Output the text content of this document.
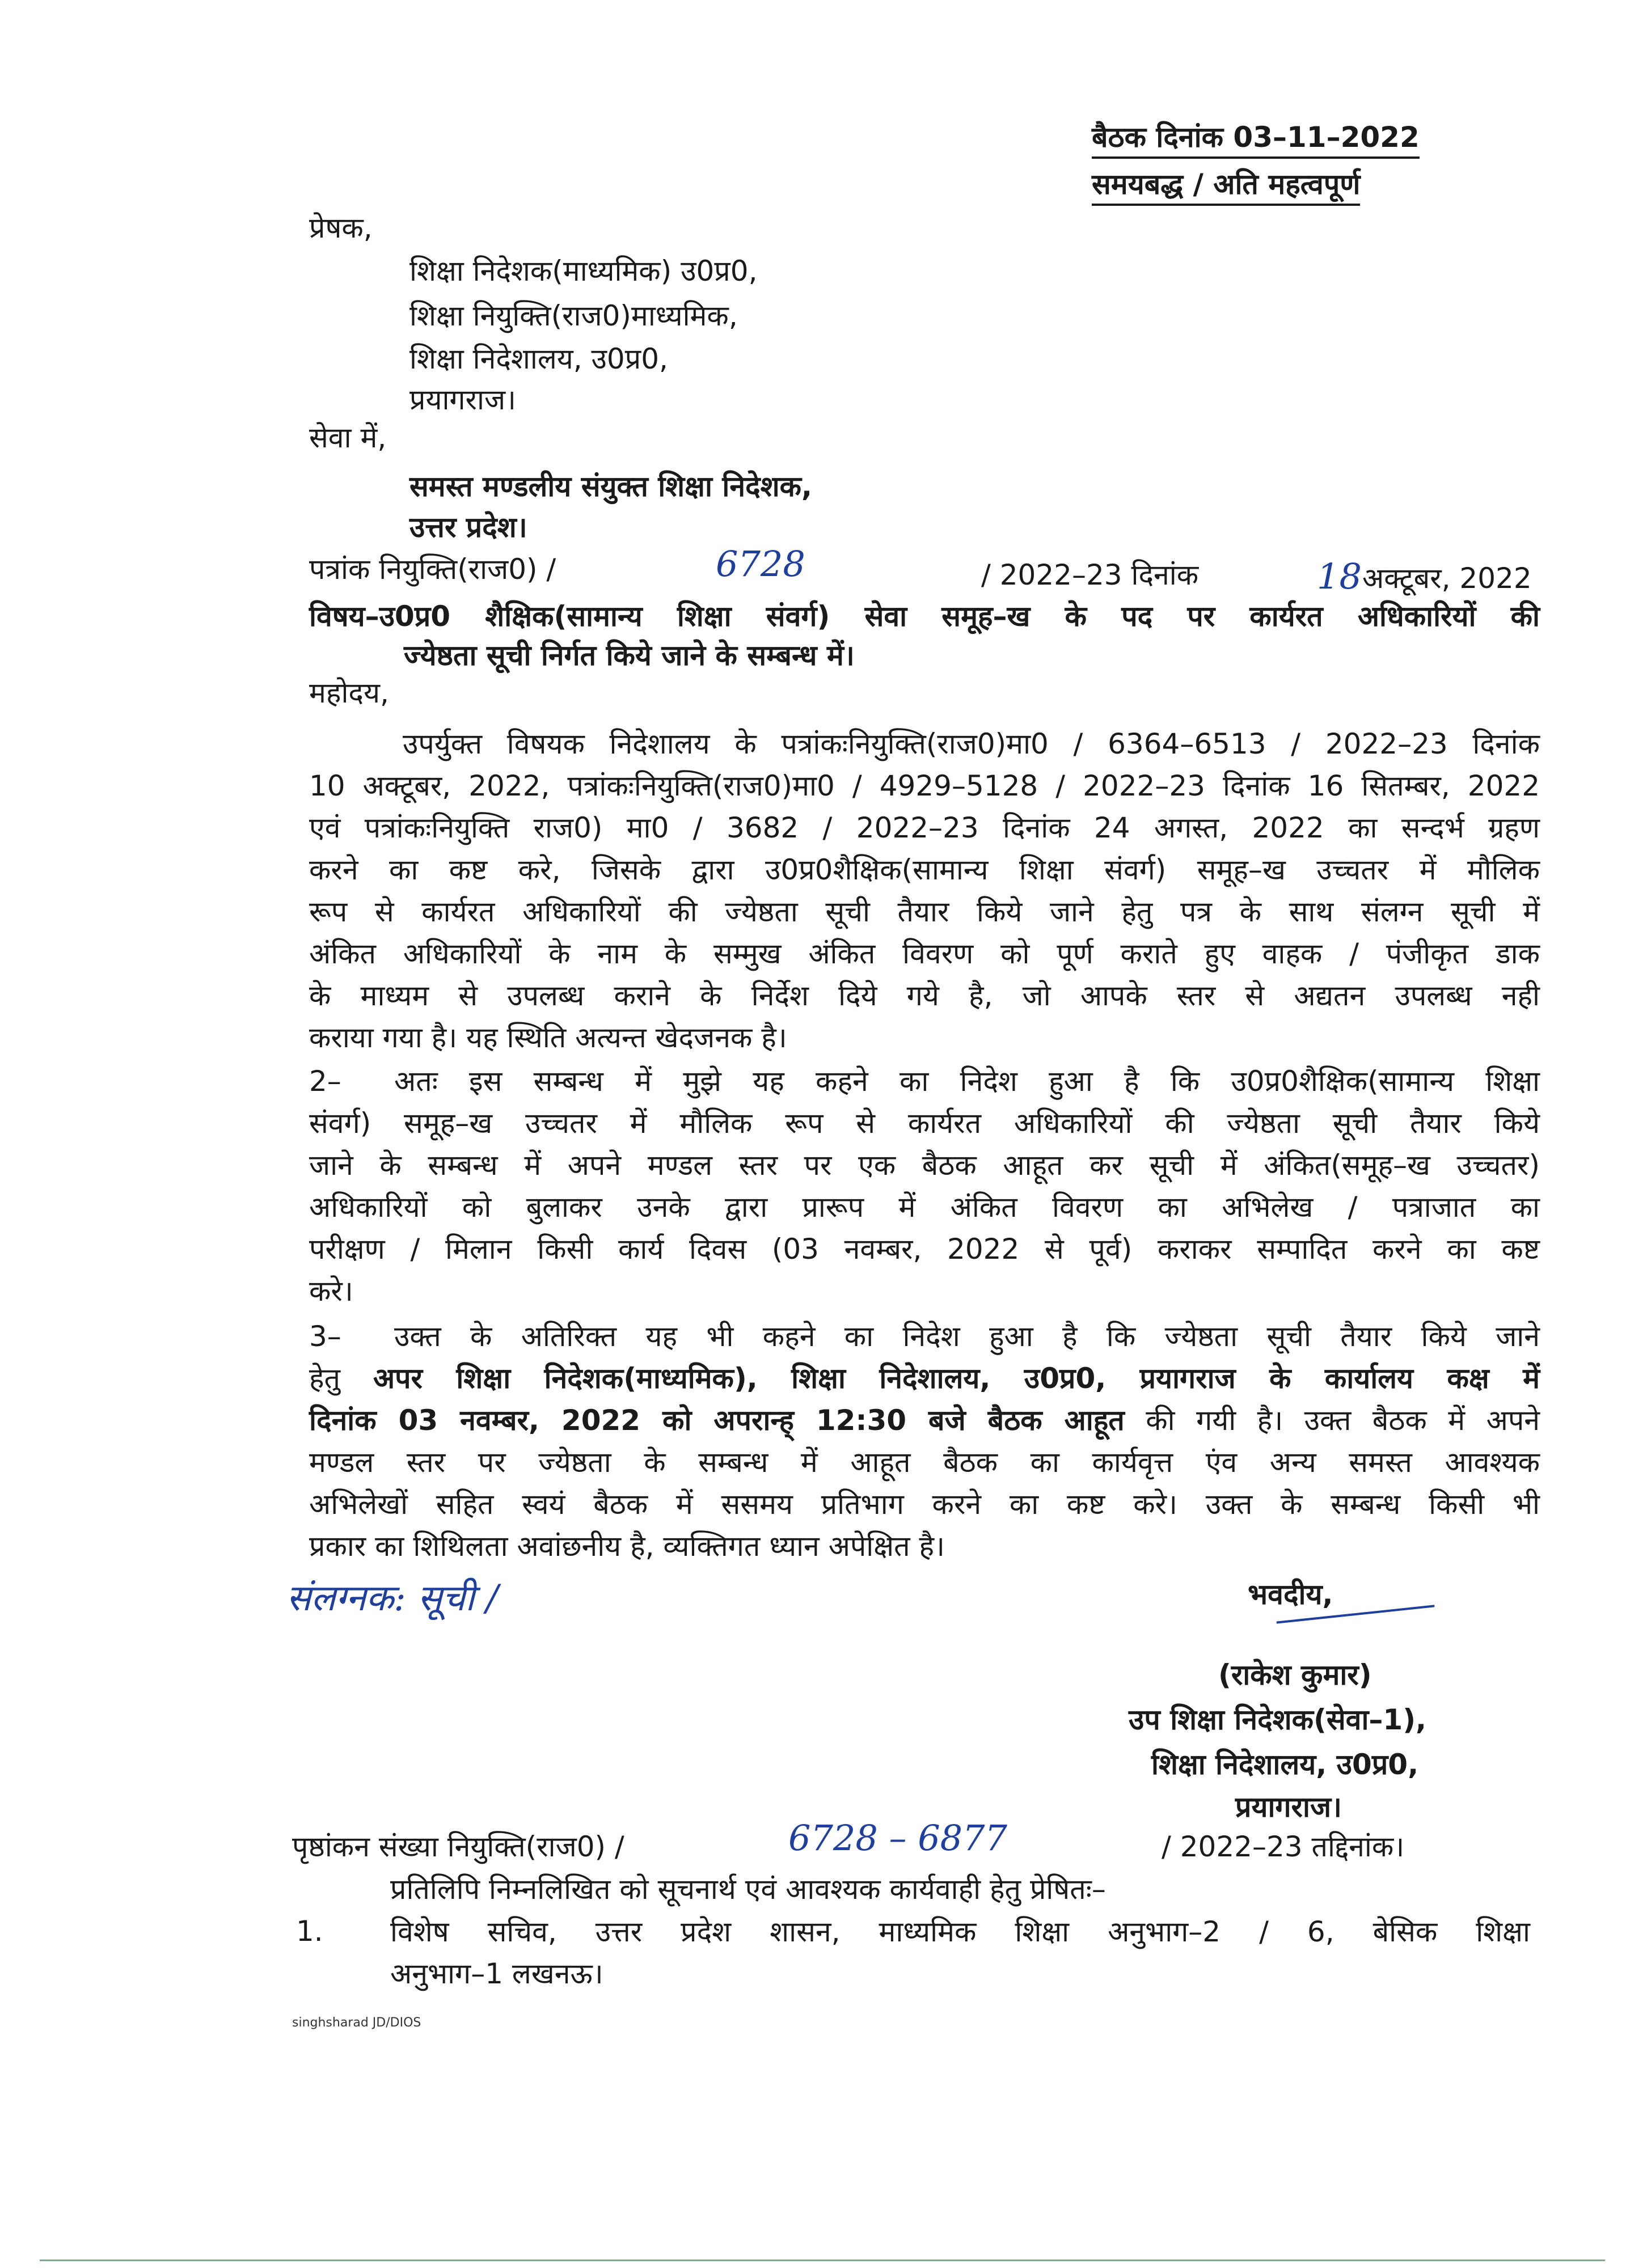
बैठक दिनांक 03–11–2022
समयबद्ध / अति महत्वपूर्ण
प्रेषक,
शिक्षा निदेशक(माध्यमिक) उ0प्र0,
शिक्षा नियुक्ति(राज0)माध्यमिक,
शिक्षा निदेशालय, उ0प्र0,
प्रयागराज।
सेवा में,
समस्त मण्डलीय संयुक्त शिक्षा निदेशक,
उत्तर प्रदेश।
पत्रांक नियुक्ति(राज0) /	6728	/ 2022–23 दिनांक	18 अक्टूबर, 2022
विषय–उ0प्र0 शैक्षिक(सामान्य शिक्षा संवर्ग) सेवा समूह–ख के पद पर कार्यरत अधिकारियों की
ज्येष्ठता सूची निर्गत किये जाने के सम्बन्ध में।
महोदय,
उपर्युक्त विषयक निदेशालय के पत्रांकःनियुक्ति(राज0)मा0 / 6364–6513 / 2022–23 दिनांक
10 अक्टूबर, 2022, पत्रांकःनियुक्ति(राज0)मा0 / 4929–5128 / 2022–23 दिनांक 16 सितम्बर, 2022
एवं पत्रांकःनियुक्ति राज0) मा0 / 3682 / 2022–23 दिनांक 24 अगस्त, 2022 का सन्दर्भ ग्रहण
करने का कष्ट करे, जिसके द्वारा उ0प्र0शैक्षिक(सामान्य शिक्षा संवर्ग) समूह–ख उच्चतर में मौलिक
रूप से कार्यरत अधिकारियों की ज्येष्ठता सूची तैयार किये जाने हेतु पत्र के साथ संलग्न सूची में
अंकित अधिकारियों के नाम के सम्मुख अंकित विवरण को पूर्ण कराते हुए वाहक / पंजीकृत डाक
के माध्यम से उपलब्ध कराने के निर्देश दिये गये है, जो आपके स्तर से अद्यतन उपलब्ध नही
कराया गया है। यह स्थिति अत्यन्त खेदजनक है।
2– अतः इस सम्बन्ध में मुझे यह कहने का निदेश हुआ है कि उ0प्र0शैक्षिक(सामान्य शिक्षा
संवर्ग) समूह–ख उच्चतर में मौलिक रूप से कार्यरत अधिकारियों की ज्येष्ठता सूची तैयार किये
जाने के सम्बन्ध में अपने मण्डल स्तर पर एक बैठक आहूत कर सूची में अंकित(समूह–ख उच्चतर)
अधिकारियों को बुलाकर उनके द्वारा प्रारूप में अंकित विवरण का अभिलेख / पत्राजात का
परीक्षण / मिलान किसी कार्य दिवस (03 नवम्बर, 2022 से पूर्व) कराकर सम्पादित करने का कष्ट
करे।
3– उक्त के अतिरिक्त यह भी कहने का निदेश हुआ है कि ज्येष्ठता सूची तैयार किये जाने
हेतु अपर शिक्षा निदेशक(माध्यमिक), शिक्षा निदेशालय, उ0प्र0, प्रयागराज के कार्यालय कक्ष में
दिनांक 03 नवम्बर, 2022 को अपरान्ह् 12:30 बजे बैठक आहूत की गयी है। उक्त बैठक में अपने
मण्डल स्तर पर ज्येष्ठता के सम्बन्ध में आहूत बैठक का कार्यवृत्त एंव अन्य समस्त आवश्यक
अभिलेखों सहित स्वयं बैठक में ससमय प्रतिभाग करने का कष्ट करे। उक्त के सम्बन्ध किसी भी
प्रकार का शिथिलता अवांछनीय है, व्यक्तिगत ध्यान अपेक्षित है।
संलग्नक: सूची /	भवदीय,
(राकेश कुमार)
उप शिक्षा निदेशक(सेवा–1),
शिक्षा निदेशालय, उ0प्र0,
प्रयागराज।
पृष्ठांकन संख्या नियुक्ति(राज0) /	6728 – 6877	/ 2022–23 तद्दिनांक।
प्रतिलिपि निम्नलिखित को सूचनार्थ एवं आवश्यक कार्यवाही हेतु प्रेषितः–
1. विशेष सचिव, उत्तर प्रदेश शासन, माध्यमिक शिक्षा अनुभाग–2 / 6, बेसिक शिक्षा
अनुभाग–1 लखनऊ।
singhsharad JD/DIOS
